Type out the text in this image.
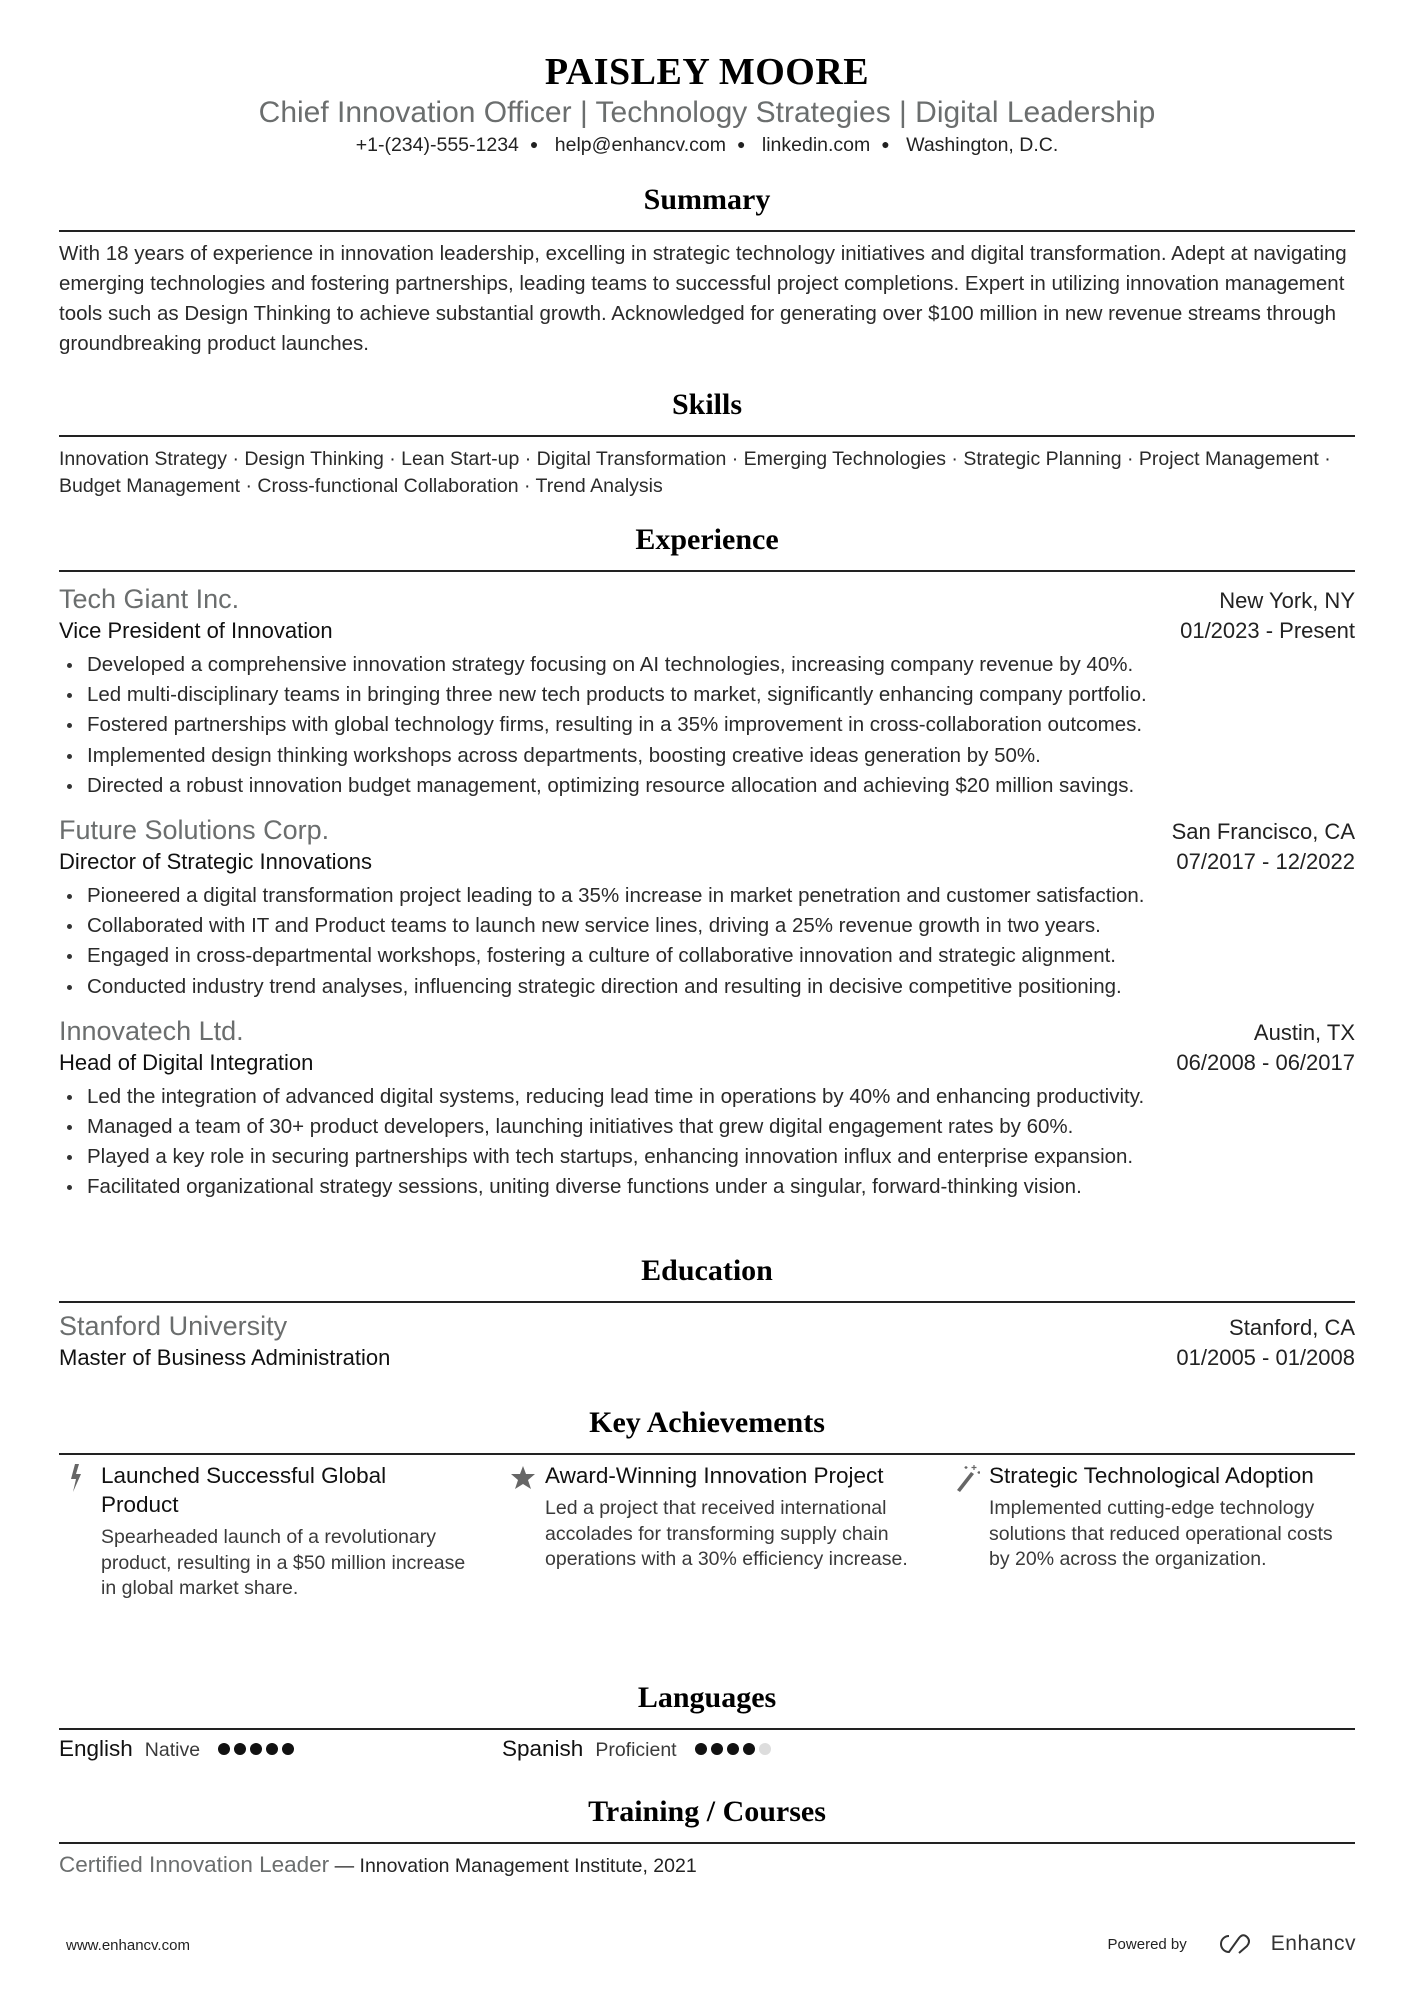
PAISLEY MOORE
Chief Innovation Officer | Technology Strategies | Digital Leadership
+1-(234)-555-1234 ● help@enhancv.com ● linkedin.com ● Washington, D.C.
Summary
With 18 years of experience in innovation leadership, excelling in strategic technology initiatives and digital transformation. Adept at navigating emerging technologies and fostering partnerships, leading teams to successful project completions. Expert in utilizing innovation management tools such as Design Thinking to achieve substantial growth. Acknowledged for generating over $100 million in new revenue streams through groundbreaking product launches.
Skills
Innovation Strategy · Design Thinking · Lean Start-up · Digital Transformation · Emerging Technologies · Strategic Planning · Project Management · Budget Management · Cross-functional Collaboration · Trend Analysis
Experience
Tech Giant Inc.	New York, NY
Vice President of Innovation	01/2023 - Present
Developed a comprehensive innovation strategy focusing on AI technologies, increasing company revenue by 40%.
Led multi-disciplinary teams in bringing three new tech products to market, significantly enhancing company portfolio.
Fostered partnerships with global technology firms, resulting in a 35% improvement in cross-collaboration outcomes.
Implemented design thinking workshops across departments, boosting creative ideas generation by 50%.
Directed a robust innovation budget management, optimizing resource allocation and achieving $20 million savings.
Future Solutions Corp.	San Francisco, CA
Director of Strategic Innovations	07/2017 - 12/2022
Pioneered a digital transformation project leading to a 35% increase in market penetration and customer satisfaction.
Collaborated with IT and Product teams to launch new service lines, driving a 25% revenue growth in two years.
Engaged in cross-departmental workshops, fostering a culture of collaborative innovation and strategic alignment.
Conducted industry trend analyses, influencing strategic direction and resulting in decisive competitive positioning.
Innovatech Ltd.	Austin, TX
Head of Digital Integration	06/2008 - 06/2017
Led the integration of advanced digital systems, reducing lead time in operations by 40% and enhancing productivity.
Managed a team of 30+ product developers, launching initiatives that grew digital engagement rates by 60%.
Played a key role in securing partnerships with tech startups, enhancing innovation influx and enterprise expansion.
Facilitated organizational strategy sessions, uniting diverse functions under a singular, forward-thinking vision.
Education
Stanford University	Stanford, CA
Master of Business Administration	01/2005 - 01/2008
Key Achievements
Launched Successful Global Product
Spearheaded launch of a revolutionary product, resulting in a $50 million increase in global market share.
Award-Winning Innovation Project
Led a project that received international accolades for transforming supply chain operations with a 30% efficiency increase.
Strategic Technological Adoption
Implemented cutting-edge technology solutions that reduced operational costs by 20% across the organization.
Languages
English Native	Spanish Proficient
Training / Courses
Certified Innovation Leader — Innovation Management Institute, 2021
www.enhancv.com	Powered by	Enhancv
